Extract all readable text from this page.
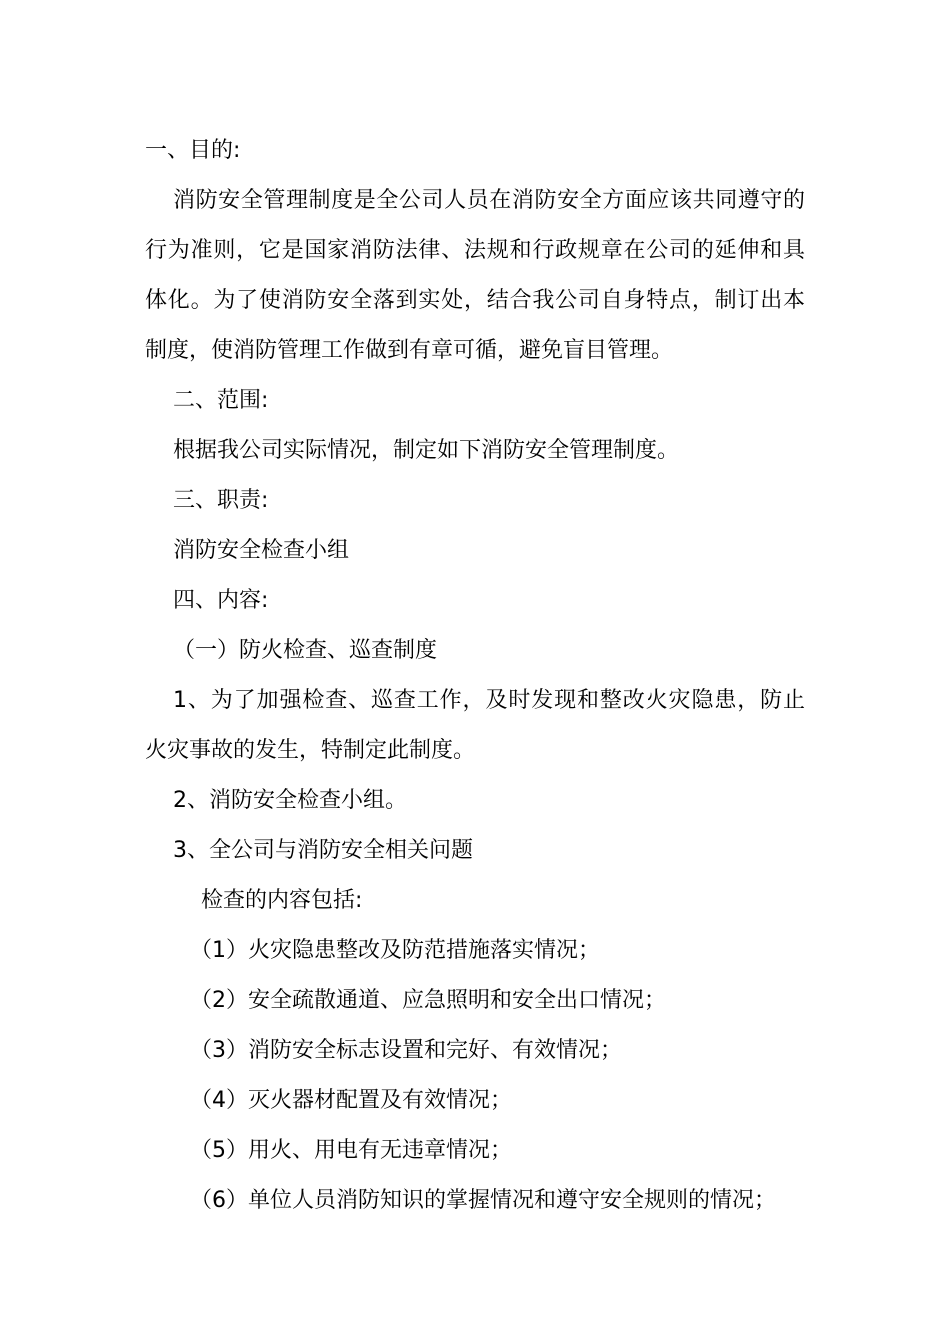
一、目的:
消防安全管理制度是全公司人员在消防安全方面应该共同遵守的
行为准则，它是国家消防法律、法规和行政规章在公司的延伸和具
体化。为了使消防安全落到实处，结合我公司自身特点，制订出本
制度，使消防管理工作做到有章可循，避免盲目管理。
二、范围:
根据我公司实际情况，制定如下消防安全管理制度。
三、职责:
消防安全检查小组
四、内容:
（一）防火检查、巡查制度
1、为了加强检查、巡查工作，及时发现和整改火灾隐患，防止
火灾事故的发生，特制定此制度。
2、消防安全检查小组。
3、全公司与消防安全相关问题
检查的内容包括:
（1）火灾隐患整改及防范措施落实情况；
（2）安全疏散通道、应急照明和安全出口情况；
（3）消防安全标志设置和完好、有效情况；
（4）灭火器材配置及有效情况；
（5）用火、用电有无违章情况；
（6）单位人员消防知识的掌握情况和遵守安全规则的情况；
